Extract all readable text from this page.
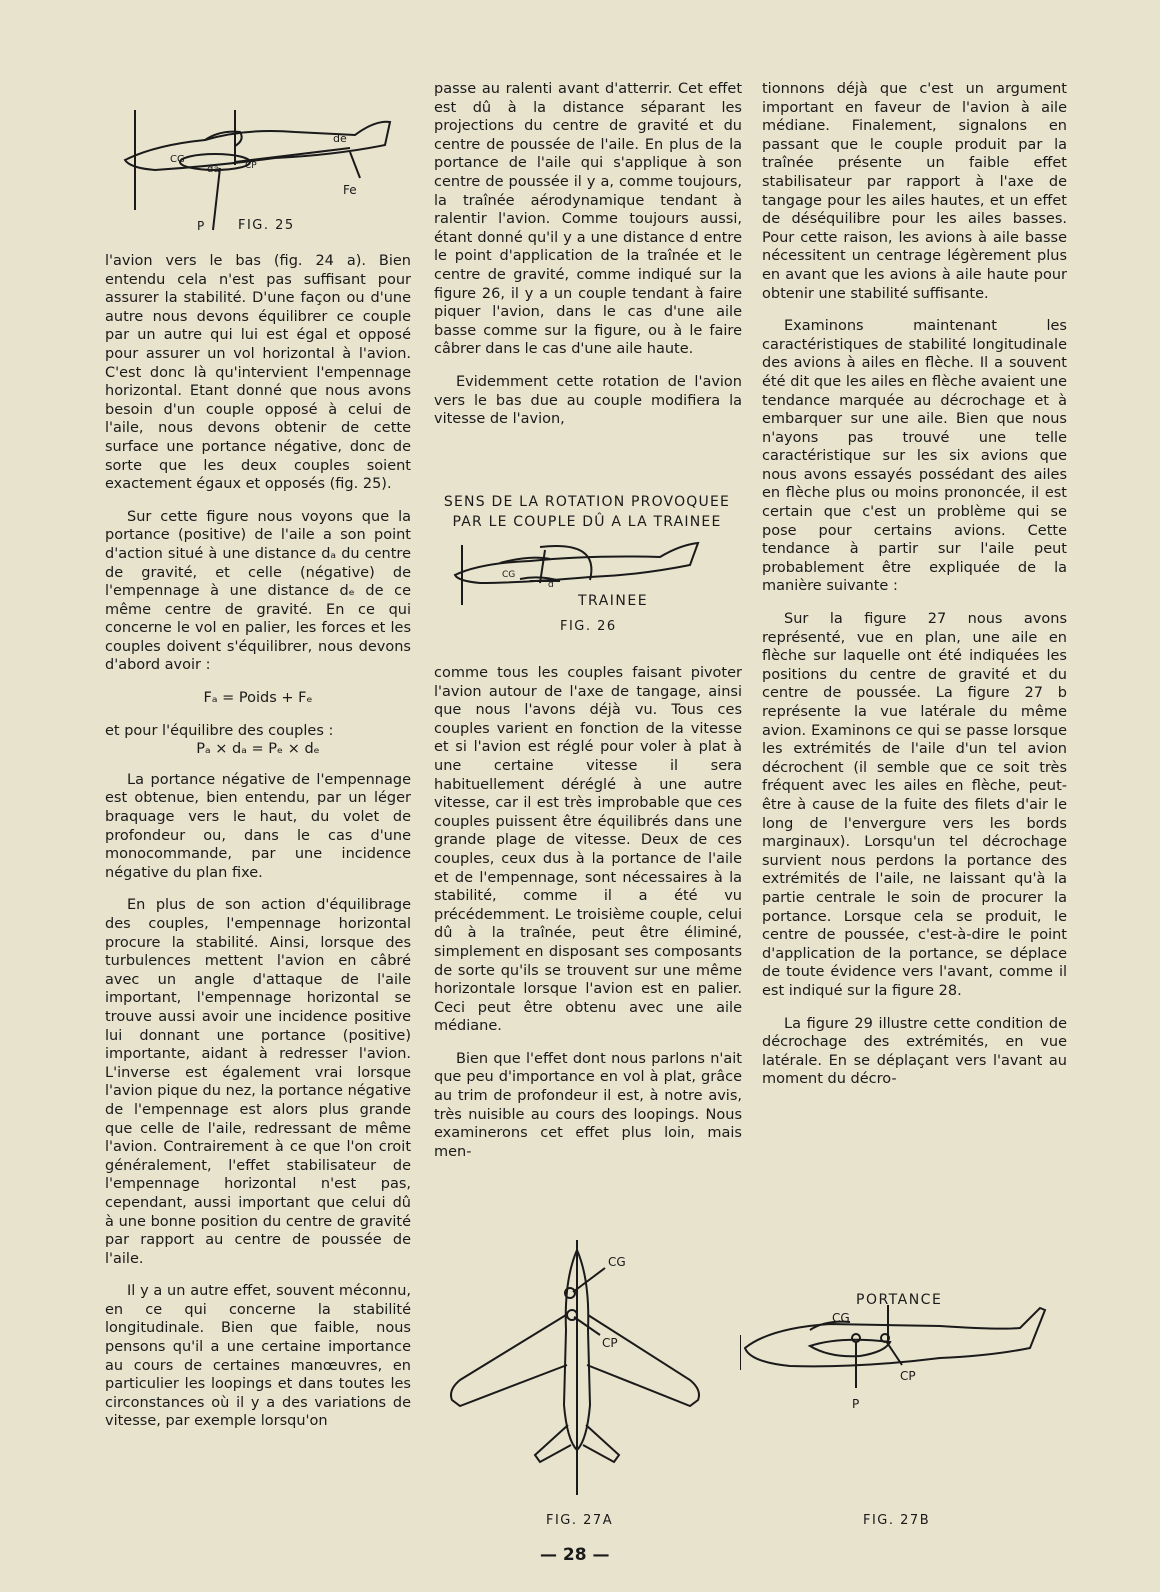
de
CG
da	CP
Fe
P	FIG. 25

l'avion vers le bas (fig. 24 a). Bien entendu cela n'est pas suffisant pour assurer la stabilité. D'une façon ou d'une autre nous devons équilibrer ce couple par un autre qui lui est égal et opposé pour assurer un vol horizontal à l'avion. C'est donc là qu'intervient l'empennage horizontal. Etant donné que nous avons besoin d'un couple opposé à celui de l'aile, nous devons obtenir de cette surface une portance négative, donc de sorte que les deux couples soient exactement égaux et opposés (fig. 25).

Sur cette figure nous voyons que la portance (positive) de l'aile a son point d'action situé à une distance dₐ du centre de gravité, et celle (négative) de l'empennage à une distance dₑ de ce même centre de gravité. En ce qui concerne le vol en palier, les forces et les couples doivent s'équilibrer, nous devons d'abord avoir :

Fₐ = Poids + Fₑ

et pour l'équilibre des couples :

Pₐ × dₐ = Pₑ × dₑ

La portance négative de l'empennage est obtenue, bien entendu, par un léger braquage vers le haut, du volet de profondeur ou, dans le cas d'une monocommande, par une incidence négative du plan fixe.

En plus de son action d'équilibrage des couples, l'empennage horizontal procure la stabilité. Ainsi, lorsque des turbulences mettent l'avion en câbré avec un angle d'attaque de l'aile important, l'empennage horizontal se trouve aussi avoir une incidence positive lui donnant une portance (positive) importante, aidant à redresser l'avion. L'inverse est également vrai lorsque l'avion pique du nez, la portance négative de l'empennage est alors plus grande que celle de l'aile, redressant de même l'avion. Contrairement à ce que l'on croit généralement, l'effet stabilisateur de l'empennage horizontal n'est pas, cependant, aussi important que celui dû à une bonne position du centre de gravité par rapport au centre de poussée de l'aile.

Il y a un autre effet, souvent méconnu, en ce qui concerne la stabilité longitudinale. Bien que faible, nous pensons qu'il a une certaine importance au cours de certaines manœuvres, en particulier les loopings et dans toutes les circonstances où il y a des variations de vitesse, par exemple lorsqu'on

passe au ralenti avant d'atterrir. Cet effet est dû à la distance séparant les projections du centre de gravité et du centre de poussée de l'aile. En plus de la portance de l'aile qui s'applique à son centre de poussée il y a, comme toujours, la traînée aérodynamique tendant à ralentir l'avion. Comme toujours aussi, étant donné qu'il y a une distance d entre le point d'application de la traînée et le centre de gravité, comme indiqué sur la figure 26, il y a un couple tendant à faire piquer l'avion, dans le cas d'une aile basse comme sur la figure, ou à le faire câbrer dans le cas d'une aile haute.

Evidemment cette rotation de l'avion vers le bas due au couple modifiera la vitesse de l'avion,

SENS DE LA ROTATION PROVOQUEE
PAR LE COUPLE DÛ A LA TRAINEE
CG
d
TRAINEE
FIG. 26

comme tous les couples faisant pivoter l'avion autour de l'axe de tangage, ainsi que nous l'avons déjà vu. Tous ces couples varient en fonction de la vitesse et si l'avion est réglé pour voler à plat à une certaine vitesse il sera habituellement déréglé à une autre vitesse, car il est très improbable que ces couples puissent être équilibrés dans une grande plage de vitesse. Deux de ces couples, ceux dus à la portance de l'aile et de l'empennage, sont nécessaires à la stabilité, comme il a été vu précédemment. Le troisième couple, celui dû à la traînée, peut être éliminé, simplement en disposant ses composants de sorte qu'ils se trouvent sur une même horizontale lorsque l'avion est en palier. Ceci peut être obtenu avec une aile médiane.

Bien que l'effet dont nous parlons n'ait que peu d'importance en vol à plat, grâce au trim de profondeur il est, à notre avis, très nuisible au cours des loopings. Nous examinerons cet effet plus loin, mais men-

tionnons déjà que c'est un argument important en faveur de l'avion à aile médiane. Finalement, signalons en passant que le couple produit par la traînée présente un faible effet stabilisateur par rapport à l'axe de tangage pour les ailes hautes, et un effet de déséquilibre pour les ailes basses. Pour cette raison, les avions à aile basse nécessitent un centrage légèrement plus en avant que les avions à aile haute pour obtenir une stabilité suffisante.

Examinons maintenant les caractéristiques de stabilité longitudinale des avions à ailes en flèche. Il a souvent été dit que les ailes en flèche avaient une tendance marquée au décrochage et à embarquer sur une aile. Bien que nous n'ayons pas trouvé une telle caractéristique sur les six avions que nous avons essayés possédant des ailes en flèche plus ou moins prononcée, il est certain que c'est un problème qui se pose pour certains avions. Cette tendance à partir sur l'aile peut probablement être expliquée de la manière suivante :

Sur la figure 27 nous avons représenté, vue en plan, une aile en flèche sur laquelle ont été indiquées les positions du centre de gravité et du centre de poussée. La figure 27 b représente la vue latérale du même avion. Examinons ce qui se passe lorsque les extrémités de l'aile d'un tel avion décrochent (il semble que ce soit très fréquent avec les ailes en flèche, peut-être à cause de la fuite des filets d'air le long de l'envergure vers les bords marginaux). Lorsqu'un tel décrochage survient nous perdons la portance des extrémités de l'aile, ne laissant qu'à la partie centrale le soin de procurer la portance. Lorsque cela se produit, le centre de poussée, c'est-à-dire le point d'application de la portance, se déplace de toute évidence vers l'avant, comme il est indiqué sur la figure 28.

La figure 29 illustre cette condition de décrochage des extrémités, en vue latérale. En se déplaçant vers l'avant au moment du décro-

CG
CP
FIG. 27A
PORTANCE
CG
CP
P
FIG. 27B
— 28 —
